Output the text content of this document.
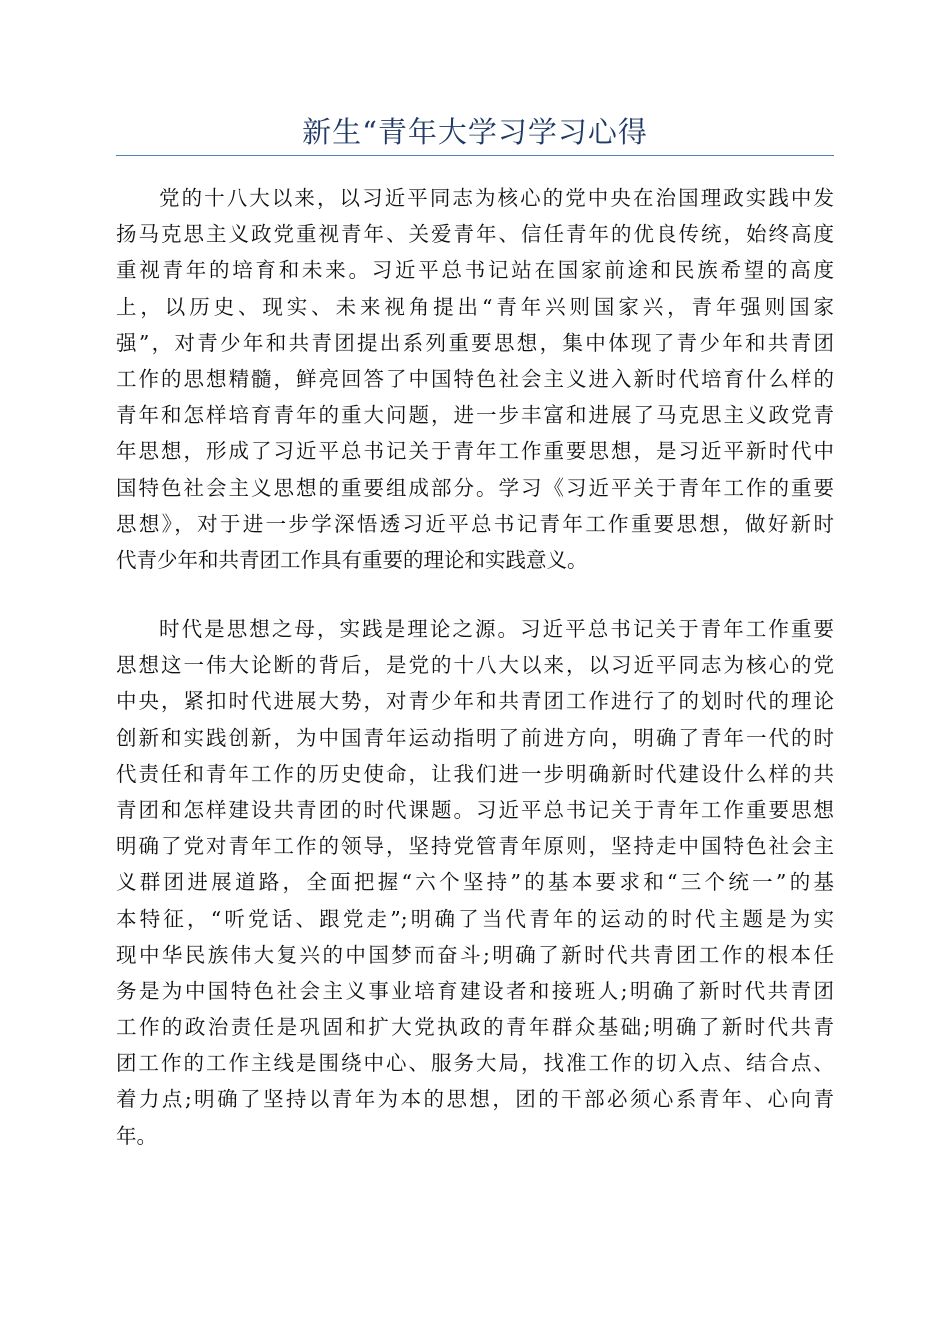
新生“青年大学习学习心得
党的十八大以来，以习近平同志为核心的党中央在治国理政实践中发
扬马克思主义政党重视青年、关爱青年、信任青年的优良传统，始终高度
重视青年的培育和未来。习近平总书记站在国家前途和民族希望的高度
上，以历史、现实、未来视角提出“青年兴则国家兴，青年强则国家
强”，对青少年和共青团提出系列重要思想，集中体现了青少年和共青团
工作的思想精髓，鲜亮回答了中国特色社会主义进入新时代培育什么样的
青年和怎样培育青年的重大问题，进一步丰富和进展了马克思主义政党青
年思想，形成了习近平总书记关于青年工作重要思想，是习近平新时代中
国特色社会主义思想的重要组成部分。学习《习近平关于青年工作的重要
思想》，对于进一步学深悟透习近平总书记青年工作重要思想，做好新时
代青少年和共青团工作具有重要的理论和实践意义。
时代是思想之母，实践是理论之源。习近平总书记关于青年工作重要
思想这一伟大论断的背后，是党的十八大以来，以习近平同志为核心的党
中央，紧扣时代进展大势，对青少年和共青团工作进行了的划时代的理论
创新和实践创新，为中国青年运动指明了前进方向，明确了青年一代的时
代责任和青年工作的历史使命，让我们进一步明确新时代建设什么样的共
青团和怎样建设共青团的时代课题。习近平总书记关于青年工作重要思想
明确了党对青年工作的领导，坚持党管青年原则，坚持走中国特色社会主
义群团进展道路，全面把握“六个坚持”的基本要求和“三个统一”的基
本特征，“听党话、跟党走”;明确了当代青年的运动的时代主题是为实
现中华民族伟大复兴的中国梦而奋斗;明确了新时代共青团工作的根本任
务是为中国特色社会主义事业培育建设者和接班人;明确了新时代共青团
工作的政治责任是巩固和扩大党执政的青年群众基础;明确了新时代共青
团工作的工作主线是围绕中心、服务大局，找准工作的切入点、结合点、
着力点;明确了坚持以青年为本的思想，团的干部必须心系青年、心向青
年。
